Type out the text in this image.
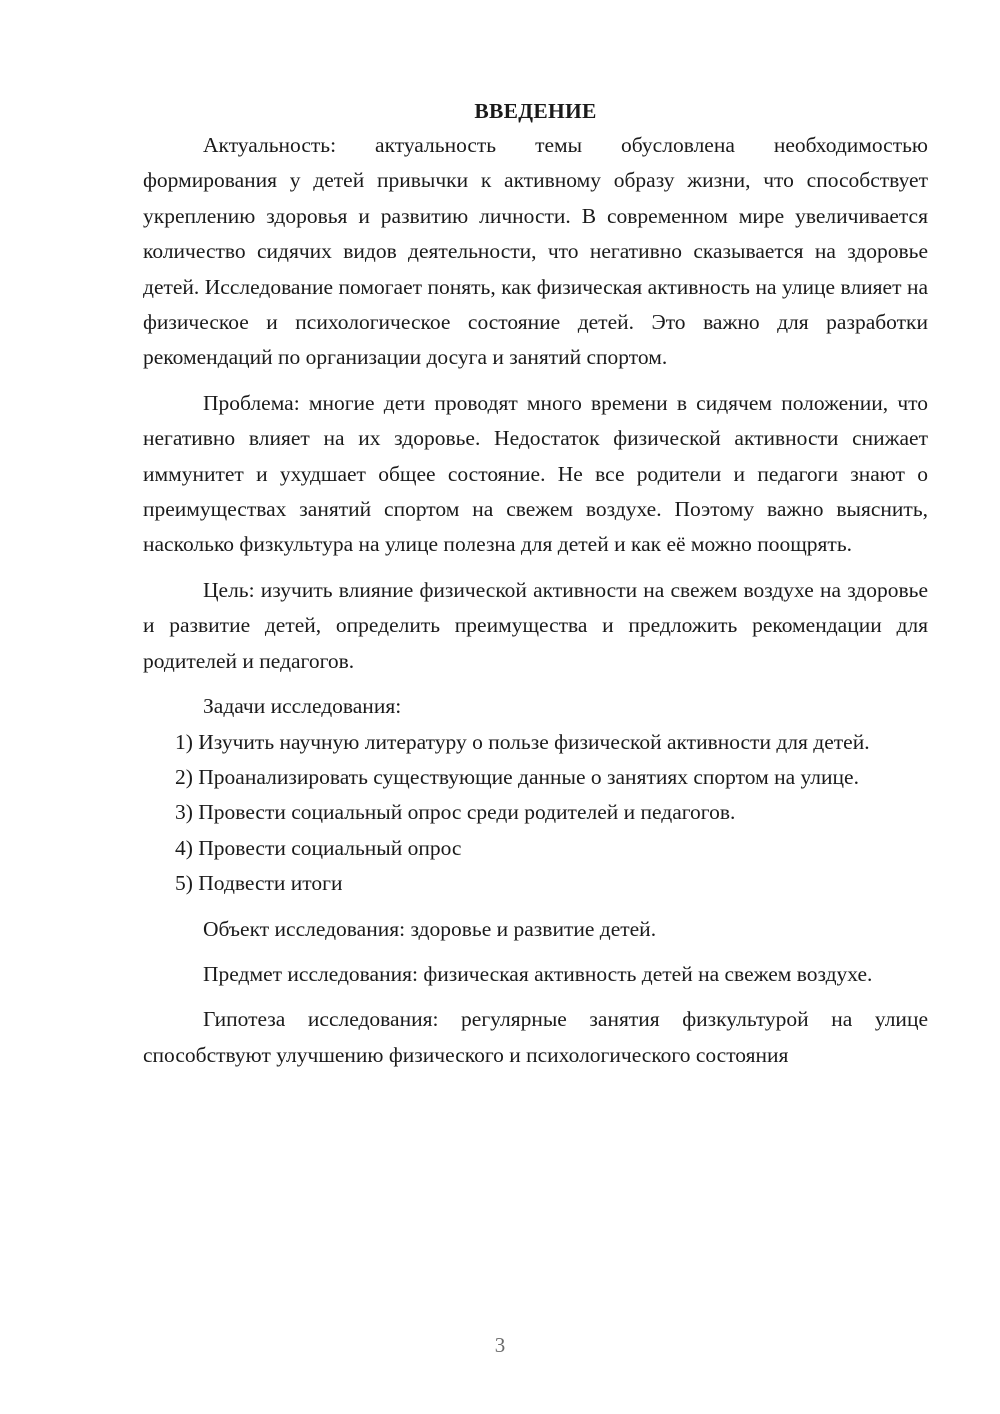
ВВЕДЕНИЕ

Актуальность: актуальность темы обусловлена необходимостью формирования у детей привычки к активному образу жизни, что способствует укреплению здоровья и развитию личности. В современном мире увеличивается количество сидячих видов деятельности, что негативно сказывается на здоровье детей. Исследование помогает понять, как физическая активность на улице влияет на физическое и психологическое состояние детей. Это важно для разработки рекомендаций по организации досуга и занятий спортом.

Проблема: многие дети проводят много времени в сидячем положении, что негативно влияет на их здоровье. Недостаток физической активности снижает иммунитет и ухудшает общее состояние. Не все родители и педагоги знают о преимуществах занятий спортом на свежем воздухе. Поэтому важно выяснить, насколько физкультура на улице полезна для детей и как её можно поощрять.

Цель: изучить влияние физической активности на свежем воздухе на здоровье и развитие детей, определить преимущества и предложить рекомендации для родителей и педагогов.

Задачи исследования:

1) Изучить научную литературу о пользе физической активности для детей.

2) Проанализировать существующие данные о занятиях спортом на улице.

3) Провести социальный опрос среди родителей и педагогов.

4) Провести социальный опрос

5) Подвести итоги

Объект исследования: здоровье и развитие детей.

Предмет исследования: физическая активность детей на свежем воздухе.

Гипотеза исследования: регулярные занятия физкультурой на улице способствуют улучшению физического и психологического состояния

3
